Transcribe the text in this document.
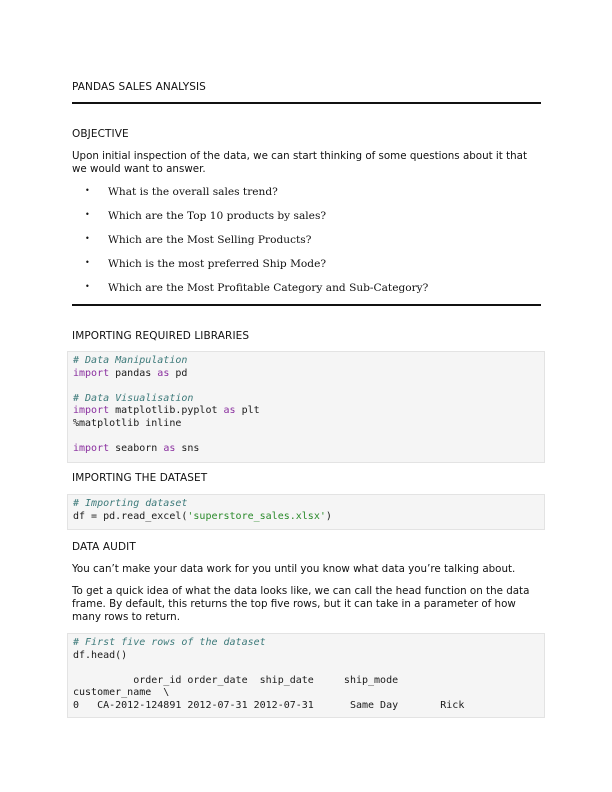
PANDAS SALES ANALYSIS
OBJECTIVE
Upon initial inspection of the data, we can start thinking of some questions about it that we would want to answer.
• What is the overall sales trend?
• Which are the Top 10 products by sales?
• Which are the Most Selling Products?
• Which is the most preferred Ship Mode?
• Which are the Most Profitable Category and Sub-Category?
IMPORTING REQUIRED LIBRARIES
# Data Manipulation
import pandas as pd
# Data Visualisation
import matplotlib.pyplot as plt
%matplotlib inline
import seaborn as sns
IMPORTING THE DATASET
# Importing dataset
df = pd.read_excel('superstore_sales.xlsx')
DATA AUDIT
You can’t make your data work for you until you know what data you’re talking about.
To get a quick idea of what the data looks like, we can call the head function on the data frame. By default, this returns the top five rows, but it can take in a parameter of how many rows to return.
# First five rows of the dataset
df.head()
order_id order_date  ship_date     ship_mode
customer_name  \
0   CA-2012-124891 2012-07-31 2012-07-31      Same Day       Rick
